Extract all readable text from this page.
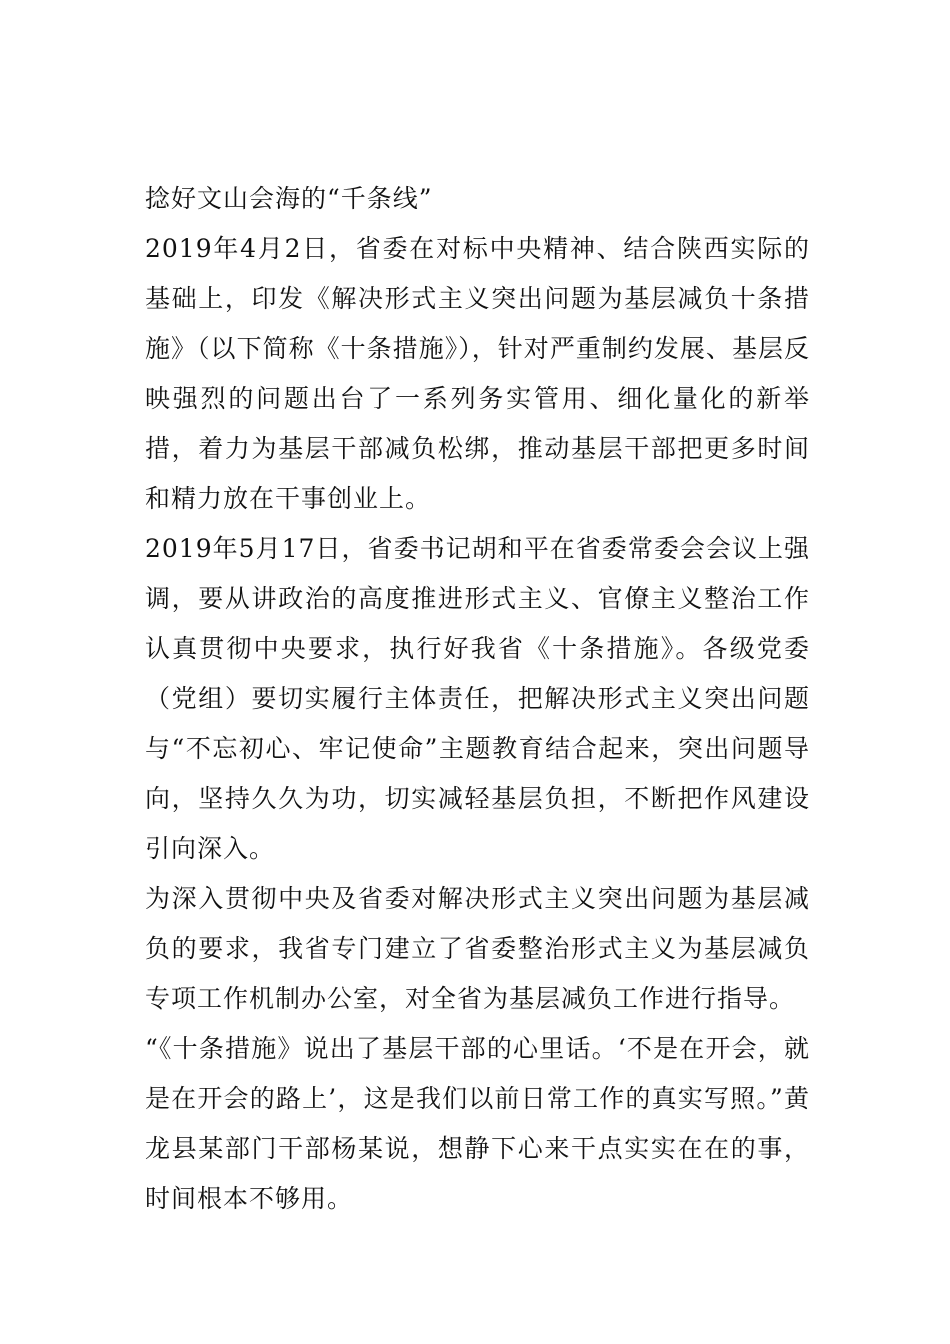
捻好文山会海的“千条线”

2019年4月2日，省委在对标中央精神、结合陕西实际的基础上，印发《解决形式主义突出问题为基层减负十条措施》（以下简称《十条措施》），针对严重制约发展、基层反映强烈的问题出台了一系列务实管用、细化量化的新举措，着力为基层干部减负松绑，推动基层干部把更多时间和精力放在干事创业上。

2019年5月17日，省委书记胡和平在省委常委会会议上强调，要从讲政治的高度推进形式主义、官僚主义整治工作认真贯彻中央要求，执行好我省《十条措施》。各级党委（党组）要切实履行主体责任，把解决形式主义突出问题与“不忘初心、牢记使命”主题教育结合起来，突出问题导向，坚持久久为功，切实减轻基层负担，不断把作风建设引向深入。

为深入贯彻中央及省委对解决形式主义突出问题为基层减负的要求，我省专门建立了省委整治形式主义为基层减负专项工作机制办公室，对全省为基层减负工作进行指导。

“《十条措施》说出了基层干部的心里话。‘不是在开会，就是在开会的路上’，这是我们以前日常工作的真实写照。”黄龙县某部门干部杨某说，想静下心来干点实实在在的事，时间根本不够用。
